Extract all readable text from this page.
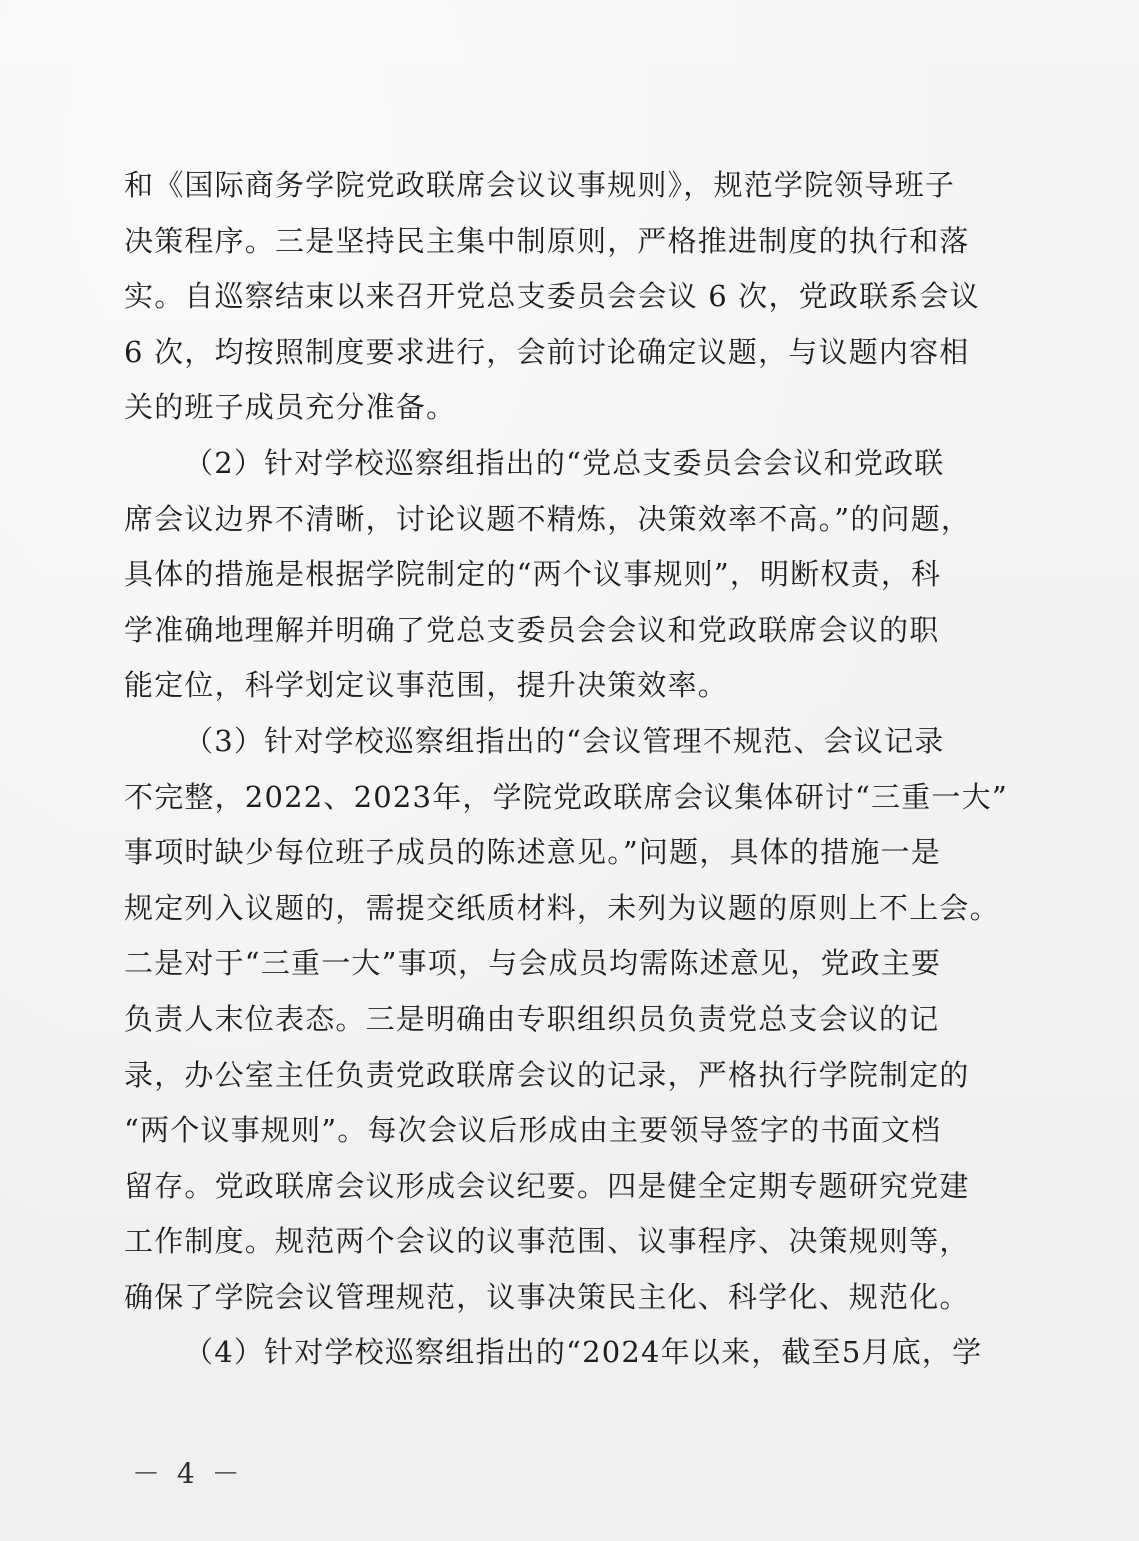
和《国际商务学院党政联席会议议事规则》，规范学院领导班子
决策程序。三是坚持民主集中制原则，严格推进制度的执行和落
实。自巡察结束以来召开党总支委员会会议 6 次，党政联系会议
6 次，均按照制度要求进行，会前讨论确定议题，与议题内容相
关的班子成员充分准备。
（2）针对学校巡察组指出的“党总支委员会会议和党政联
席会议边界不清晰，讨论议题不精炼，决策效率不高。”的问题，
具体的措施是根据学院制定的“两个议事规则”，明断权责，科
学准确地理解并明确了党总支委员会会议和党政联席会议的职
能定位，科学划定议事范围，提升决策效率。
（3）针对学校巡察组指出的“会议管理不规范、会议记录
不完整，2022、2023年，学院党政联席会议集体研讨“三重一大”
事项时缺少每位班子成员的陈述意见。”问题，具体的措施一是
规定列入议题的，需提交纸质材料，未列为议题的原则上不上会。
二是对于“三重一大”事项，与会成员均需陈述意见，党政主要
负责人末位表态。三是明确由专职组织员负责党总支会议的记
录，办公室主任负责党政联席会议的记录，严格执行学院制定的
“两个议事规则”。每次会议后形成由主要领导签字的书面文档
留存。党政联席会议形成会议纪要。四是健全定期专题研究党建
工作制度。规范两个会议的议事范围、议事程序、决策规则等，
确保了学院会议管理规范，议事决策民主化、科学化、规范化。
（4）针对学校巡察组指出的“2024年以来，截至5月底，学
－ 4 －
